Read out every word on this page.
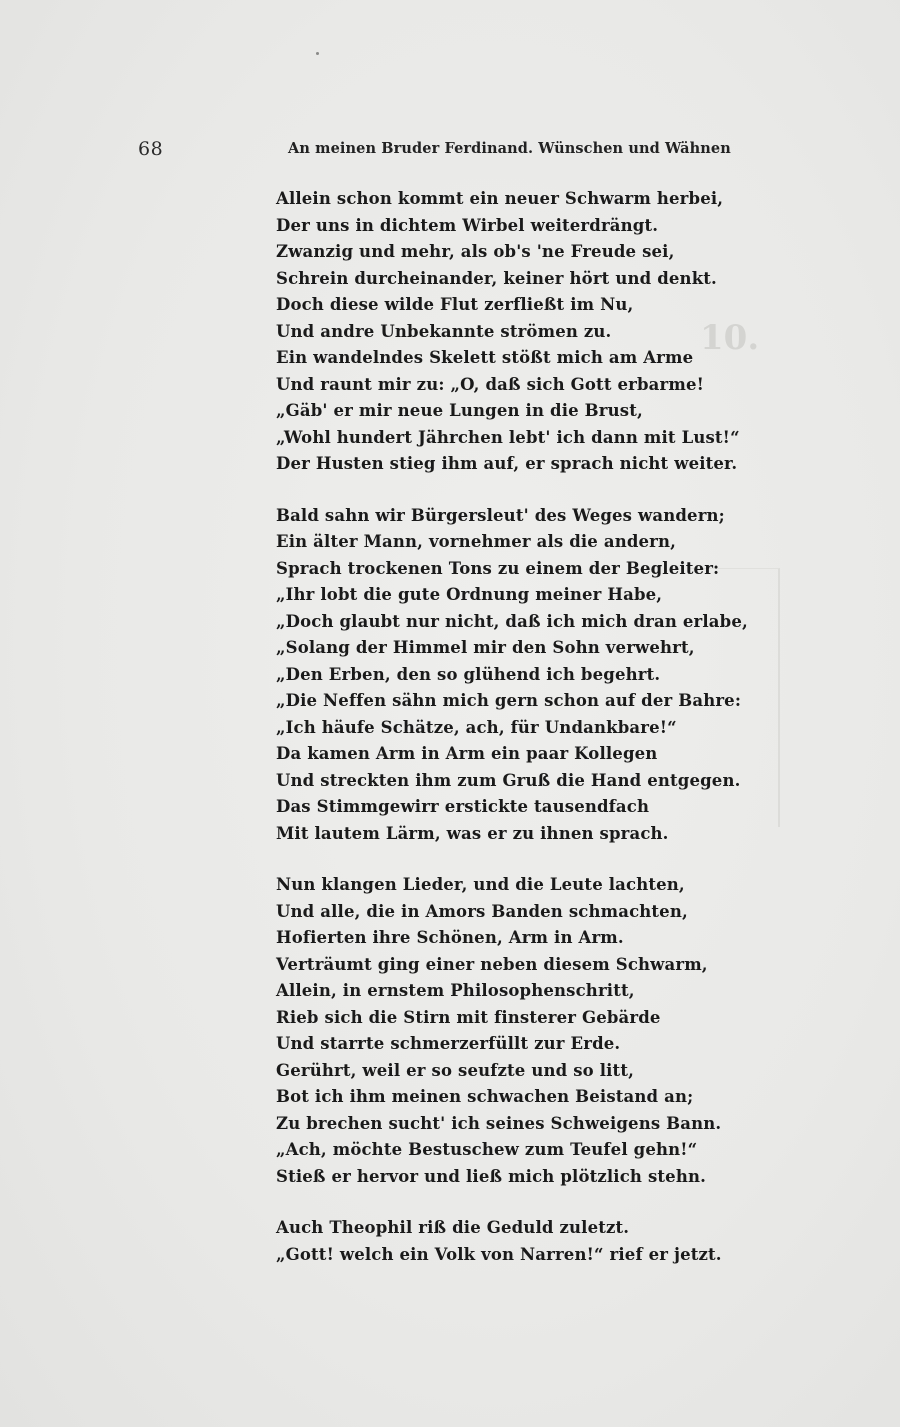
10.
68	An meinen Bruder Ferdinand. Wünschen und Wähnen
Allein schon kommt ein neuer Schwarm herbei,
Der uns in dichtem Wirbel weiterdrängt.
Zwanzig und mehr, als ob's 'ne Freude sei,
Schrein durcheinander, keiner hört und denkt.
Doch diese wilde Flut zerfließt im Nu,
Und andre Unbekannte strömen zu.
Ein wandelndes Skelett stößt mich am Arme
Und raunt mir zu: „O, daß sich Gott erbarme!
„Gäb' er mir neue Lungen in die Brust,
„Wohl hundert Jährchen lebt' ich dann mit Lust!“
Der Husten stieg ihm auf, er sprach nicht weiter.
Bald sahn wir Bürgersleut' des Weges wandern;
Ein älter Mann, vornehmer als die andern,
Sprach trockenen Tons zu einem der Begleiter:
„Ihr lobt die gute Ordnung meiner Habe,
„Doch glaubt nur nicht, daß ich mich dran erlabe,
„Solang der Himmel mir den Sohn verwehrt,
„Den Erben, den so glühend ich begehrt.
„Die Neffen sähn mich gern schon auf der Bahre:
„Ich häufe Schätze, ach, für Undankbare!“
Da kamen Arm in Arm ein paar Kollegen
Und streckten ihm zum Gruß die Hand entgegen.
Das Stimmgewirr erstickte tausendfach
Mit lautem Lärm, was er zu ihnen sprach.
Nun klangen Lieder, und die Leute lachten,
Und alle, die in Amors Banden schmachten,
Hofierten ihre Schönen, Arm in Arm.
Verträumt ging einer neben diesem Schwarm,
Allein, in ernstem Philosophenschritt,
Rieb sich die Stirn mit finsterer Gebärde
Und starrte schmerzerfüllt zur Erde.
Gerührt, weil er so seufzte und so litt,
Bot ich ihm meinen schwachen Beistand an;
Zu brechen sucht' ich seines Schweigens Bann.
„Ach, möchte Bestuschew zum Teufel gehn!“
Stieß er hervor und ließ mich plötzlich stehn.
Auch Theophil riß die Geduld zuletzt.
„Gott! welch ein Volk von Narren!“ rief er jetzt.
